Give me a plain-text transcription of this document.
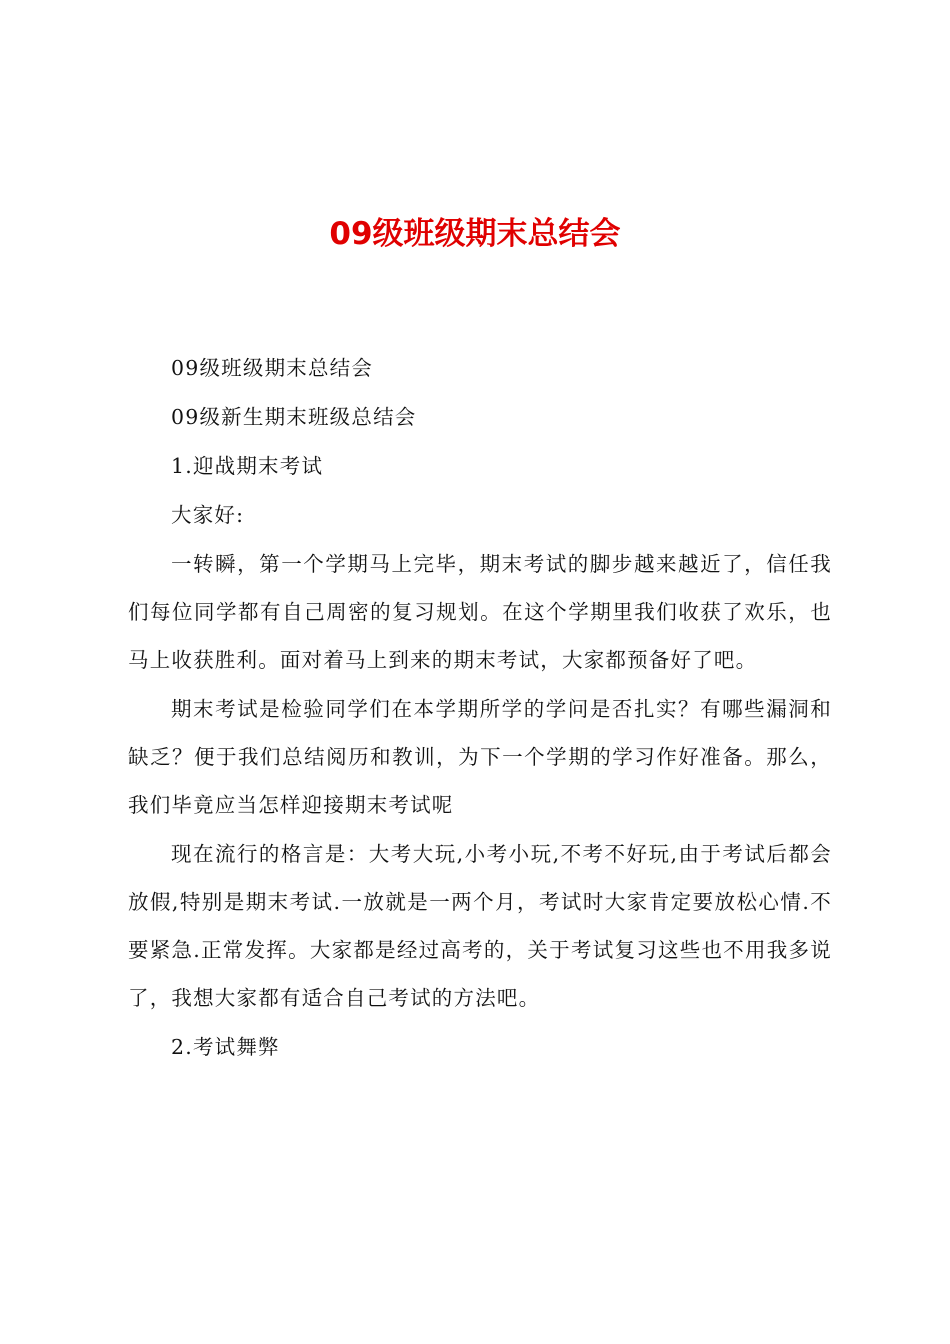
09级班级期末总结会

09级班级期末总结会

09级新生期末班级总结会

1.迎战期末考试

大家好:

一转瞬，第一个学期马上完毕，期末考试的脚步越来越近了，信任我们每位同学都有自己周密的复习规划。在这个学期里我们收获了欢乐，也马上收获胜利。面对着马上到来的期末考试，大家都预备好了吧。

期末考试是检验同学们在本学期所学的学问是否扎实？有哪些漏洞和缺乏？便于我们总结阅历和教训，为下一个学期的学习作好准备。那么，我们毕竟应当怎样迎接期末考试呢

现在流行的格言是：大考大玩,小考小玩,不考不好玩,由于考试后都会放假,特别是期末考试.一放就是一两个月，考试时大家肯定要放松心情.不要紧急.正常发挥。大家都是经过高考的，关于考试复习这些也不用我多说了，我想大家都有适合自己考试的方法吧。

2.考试舞弊
